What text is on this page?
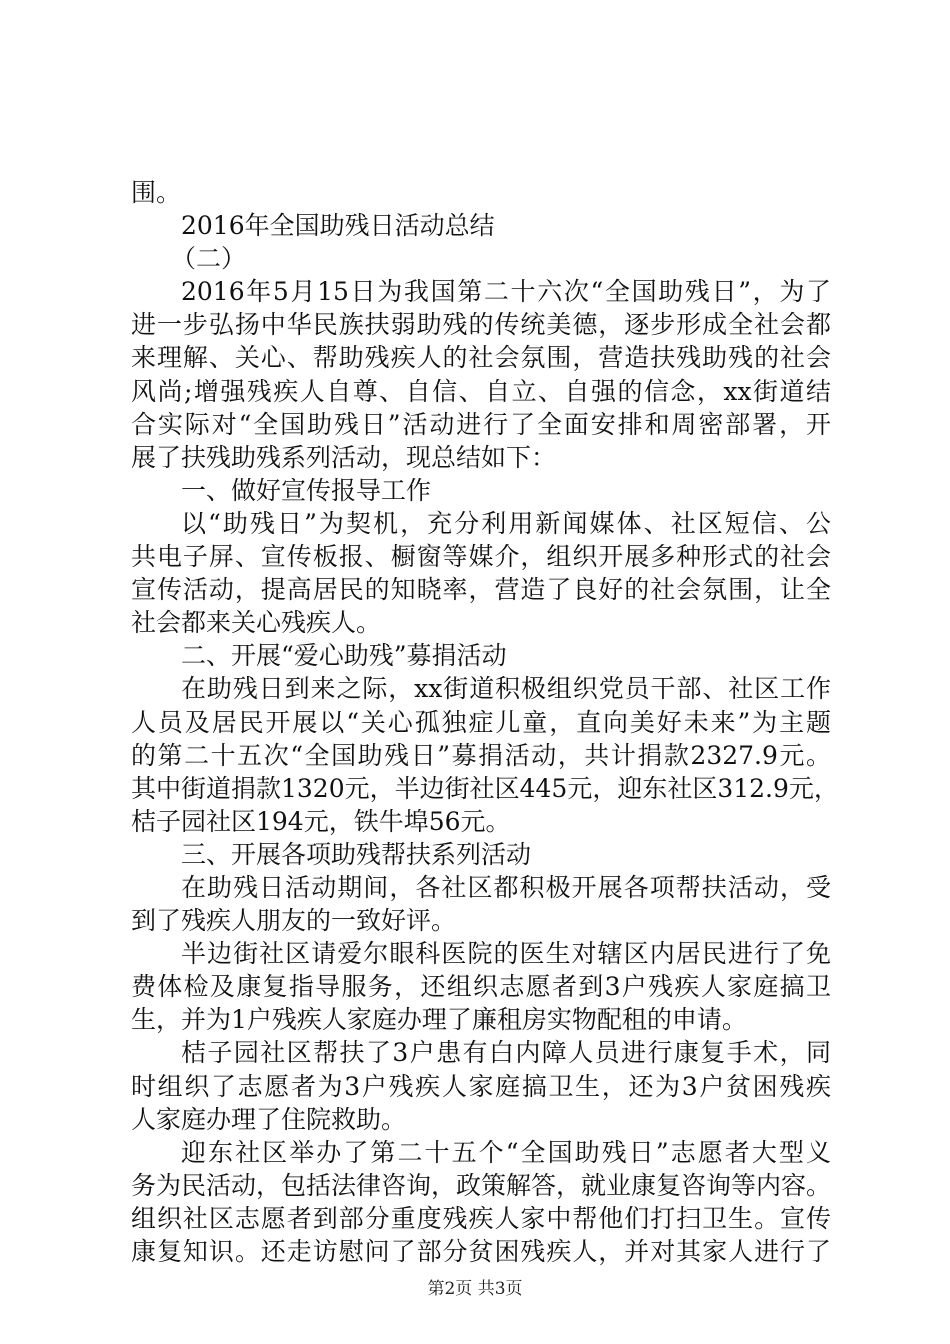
围。
2016年全国助残日活动总结
（二）
2016年5月15日为我国第二十六次“全国助残日”，为了
进一步弘扬中华民族扶弱助残的传统美德，逐步形成全社会都
来理解、关心、帮助残疾人的社会氛围，营造扶残助残的社会
风尚;增强残疾人自尊、自信、自立、自强的信念，xx街道结
合实际对“全国助残日”活动进行了全面安排和周密部署，开
展了扶残助残系列活动，现总结如下：
一、做好宣传报导工作
以“助残日”为契机，充分利用新闻媒体、社区短信、公
共电子屏、宣传板报、橱窗等媒介，组织开展多种形式的社会
宣传活动，提高居民的知晓率，营造了良好的社会氛围，让全
社会都来关心残疾人。
二、开展“爱心助残”募捐活动
在助残日到来之际，xx街道积极组织党员干部、社区工作
人员及居民开展以“关心孤独症儿童，直向美好未来”为主题
的第二十五次“全国助残日”募捐活动，共计捐款2327.9元。
其中街道捐款1320元，半边街社区445元，迎东社区312.9元，
桔子园社区194元，铁牛埠56元。
三、开展各项助残帮扶系列活动
在助残日活动期间，各社区都积极开展各项帮扶活动，受
到了残疾人朋友的一致好评。
半边街社区请爱尔眼科医院的医生对辖区内居民进行了免
费体检及康复指导服务，还组织志愿者到3户残疾人家庭搞卫
生，并为1户残疾人家庭办理了廉租房实物配租的申请。
桔子园社区帮扶了3户患有白内障人员进行康复手术，同
时组织了志愿者为3户残疾人家庭搞卫生，还为3户贫困残疾
人家庭办理了住院救助。
迎东社区举办了第二十五个“全国助残日”志愿者大型义
务为民活动，包括法律咨询，政策解答，就业康复咨询等内容。
组织社区志愿者到部分重度残疾人家中帮他们打扫卫生。宣传
康复知识。还走访慰问了部分贫困残疾人，并对其家人进行了
第2页 共3页
